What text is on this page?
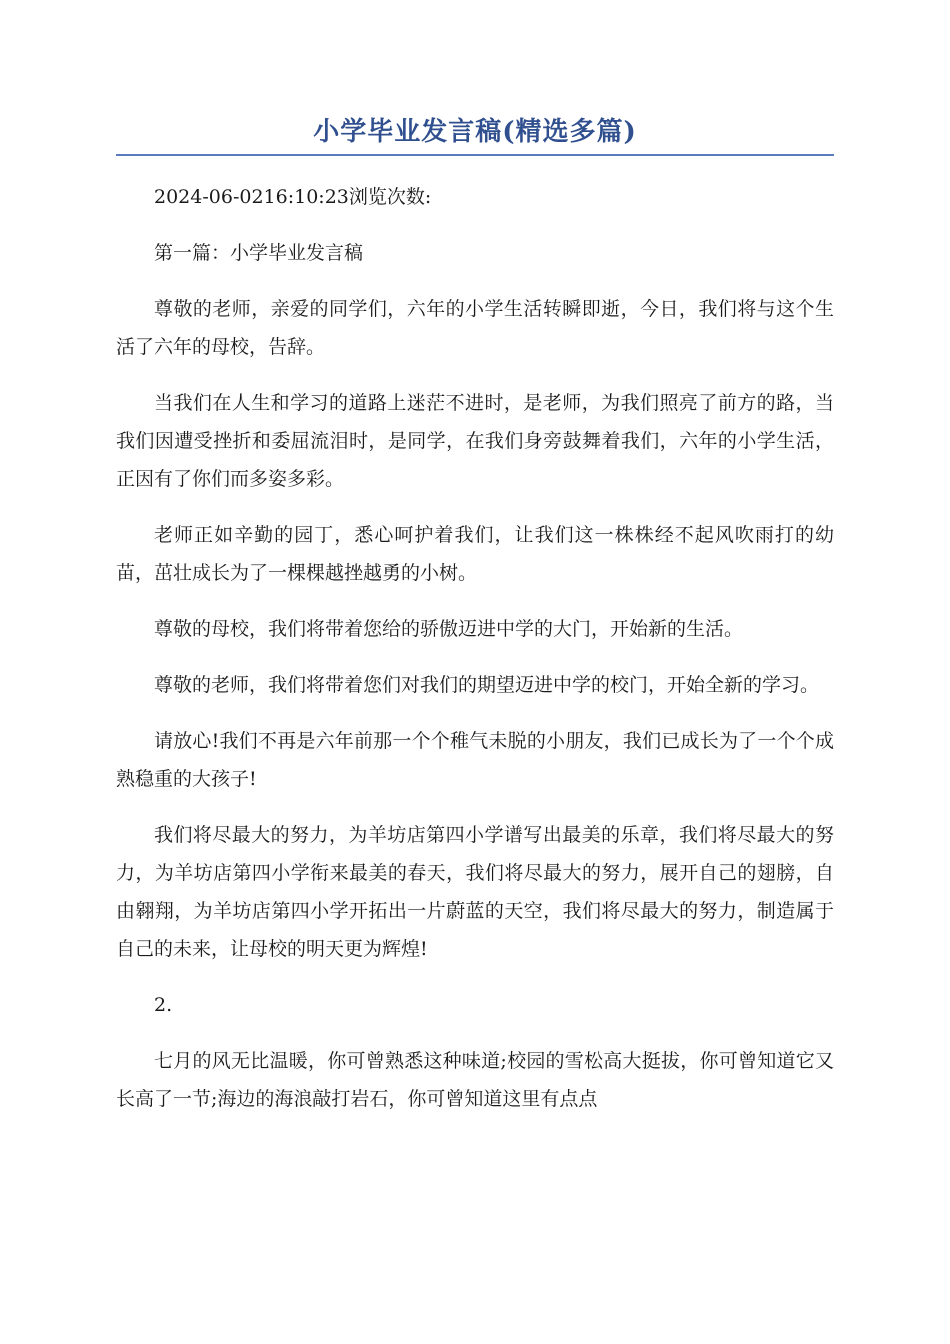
小学毕业发言稿(精选多篇)

2024-06-0216:10:23浏览次数:

第一篇：小学毕业发言稿

尊敬的老师，亲爱的同学们，六年的小学生活转瞬即逝，今日，我们将与这个生活了六年的母校，告辞。

当我们在人生和学习的道路上迷茫不进时，是老师，为我们照亮了前方的路，当我们因遭受挫折和委屈流泪时，是同学，在我们身旁鼓舞着我们，六年的小学生活，正因有了你们而多姿多彩。

老师正如辛勤的园丁，悉心呵护着我们，让我们这一株株经不起风吹雨打的幼苗，茁壮成长为了一棵棵越挫越勇的小树。

尊敬的母校，我们将带着您给的骄傲迈进中学的大门，开始新的生活。

尊敬的老师，我们将带着您们对我们的期望迈进中学的校门，开始全新的学习。

请放心!我们不再是六年前那一个个稚气未脱的小朋友，我们已成长为了一个个成熟稳重的大孩子!

我们将尽最大的努力，为羊坊店第四小学谱写出最美的乐章，我们将尽最大的努力，为羊坊店第四小学衔来最美的春天，我们将尽最大的努力，展开自己的翅膀，自由翱翔，为羊坊店第四小学开拓出一片蔚蓝的天空，我们将尽最大的努力，制造属于自己的未来，让母校的明天更为辉煌!

2.

七月的风无比温暖，你可曾熟悉这种味道;校园的雪松高大挺拔，你可曾知道它又长高了一节;海边的海浪敲打岩石，你可曾知道这里有点点
